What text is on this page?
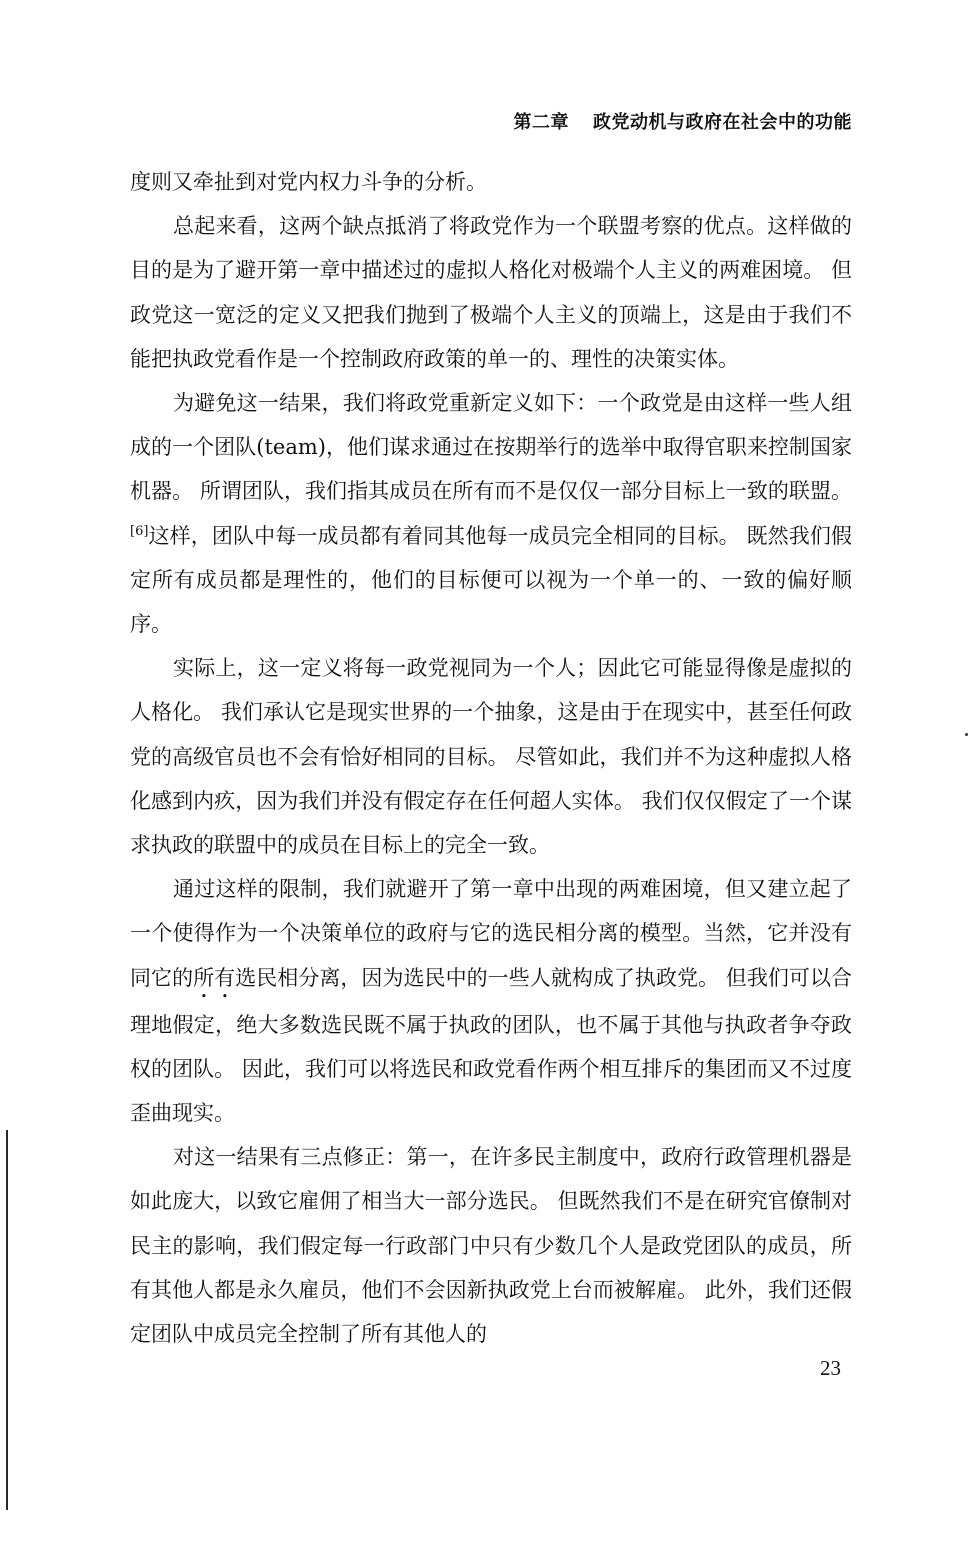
第二章 政党动机与政府在社会中的功能

度则又牵扯到对党内权力斗争的分析。

总起来看，这两个缺点抵消了将政党作为一个联盟考察的优点。这样做的目的是为了避开第一章中描述过的虚拟人格化对极端个人主义的两难困境。 但政党这一宽泛的定义又把我们抛到了极端个人主义的顶端上，这是由于我们不能把执政党看作是一个控制政府政策的单一的、理性的决策实体。

为避免这一结果，我们将政党重新定义如下：一个政党是由这样一些人组成的一个团队(team)，他们谋求通过在按期举行的选举中取得官职来控制国家机器。 所谓团队，我们指其成员在所有而不是仅仅一部分目标上一致的联盟。[6]这样，团队中每一成员都有着同其他每一成员完全相同的目标。 既然我们假定所有成员都是理性的，他们的目标便可以视为一个单一的、一致的偏好顺序。

实际上，这一定义将每一政党视同为一个人；因此它可能显得像是虚拟的人格化。 我们承认它是现实世界的一个抽象，这是由于在现实中，甚至任何政党的高级官员也不会有恰好相同的目标。 尽管如此，我们并不为这种虚拟人格化感到内疚，因为我们并没有假定存在任何超人实体。 我们仅仅假定了一个谋求执政的联盟中的成员在目标上的完全一致。

通过这样的限制，我们就避开了第一章中出现的两难困境，但又建立起了一个使得作为一个决策单位的政府与它的选民相分离的模型。当然，它并没有同它的所有选民相分离，因为选民中的一些人就构成了执政党。 但我们可以合理地假定，绝大多数选民既不属于执政的团队，也不属于其他与执政者争夺政权的团队。 因此，我们可以将选民和政党看作两个相互排斥的集团而又不过度歪曲现实。

对这一结果有三点修正：第一，在许多民主制度中，政府行政管理机器是如此庞大，以致它雇佣了相当大一部分选民。 但既然我们不是在研究官僚制对民主的影响，我们假定每一行政部门中只有少数几个人是政党团队的成员，所有其他人都是永久雇员，他们不会因新执政党上台而被解雇。 此外，我们还假定团队中成员完全控制了所有其他人的

23
